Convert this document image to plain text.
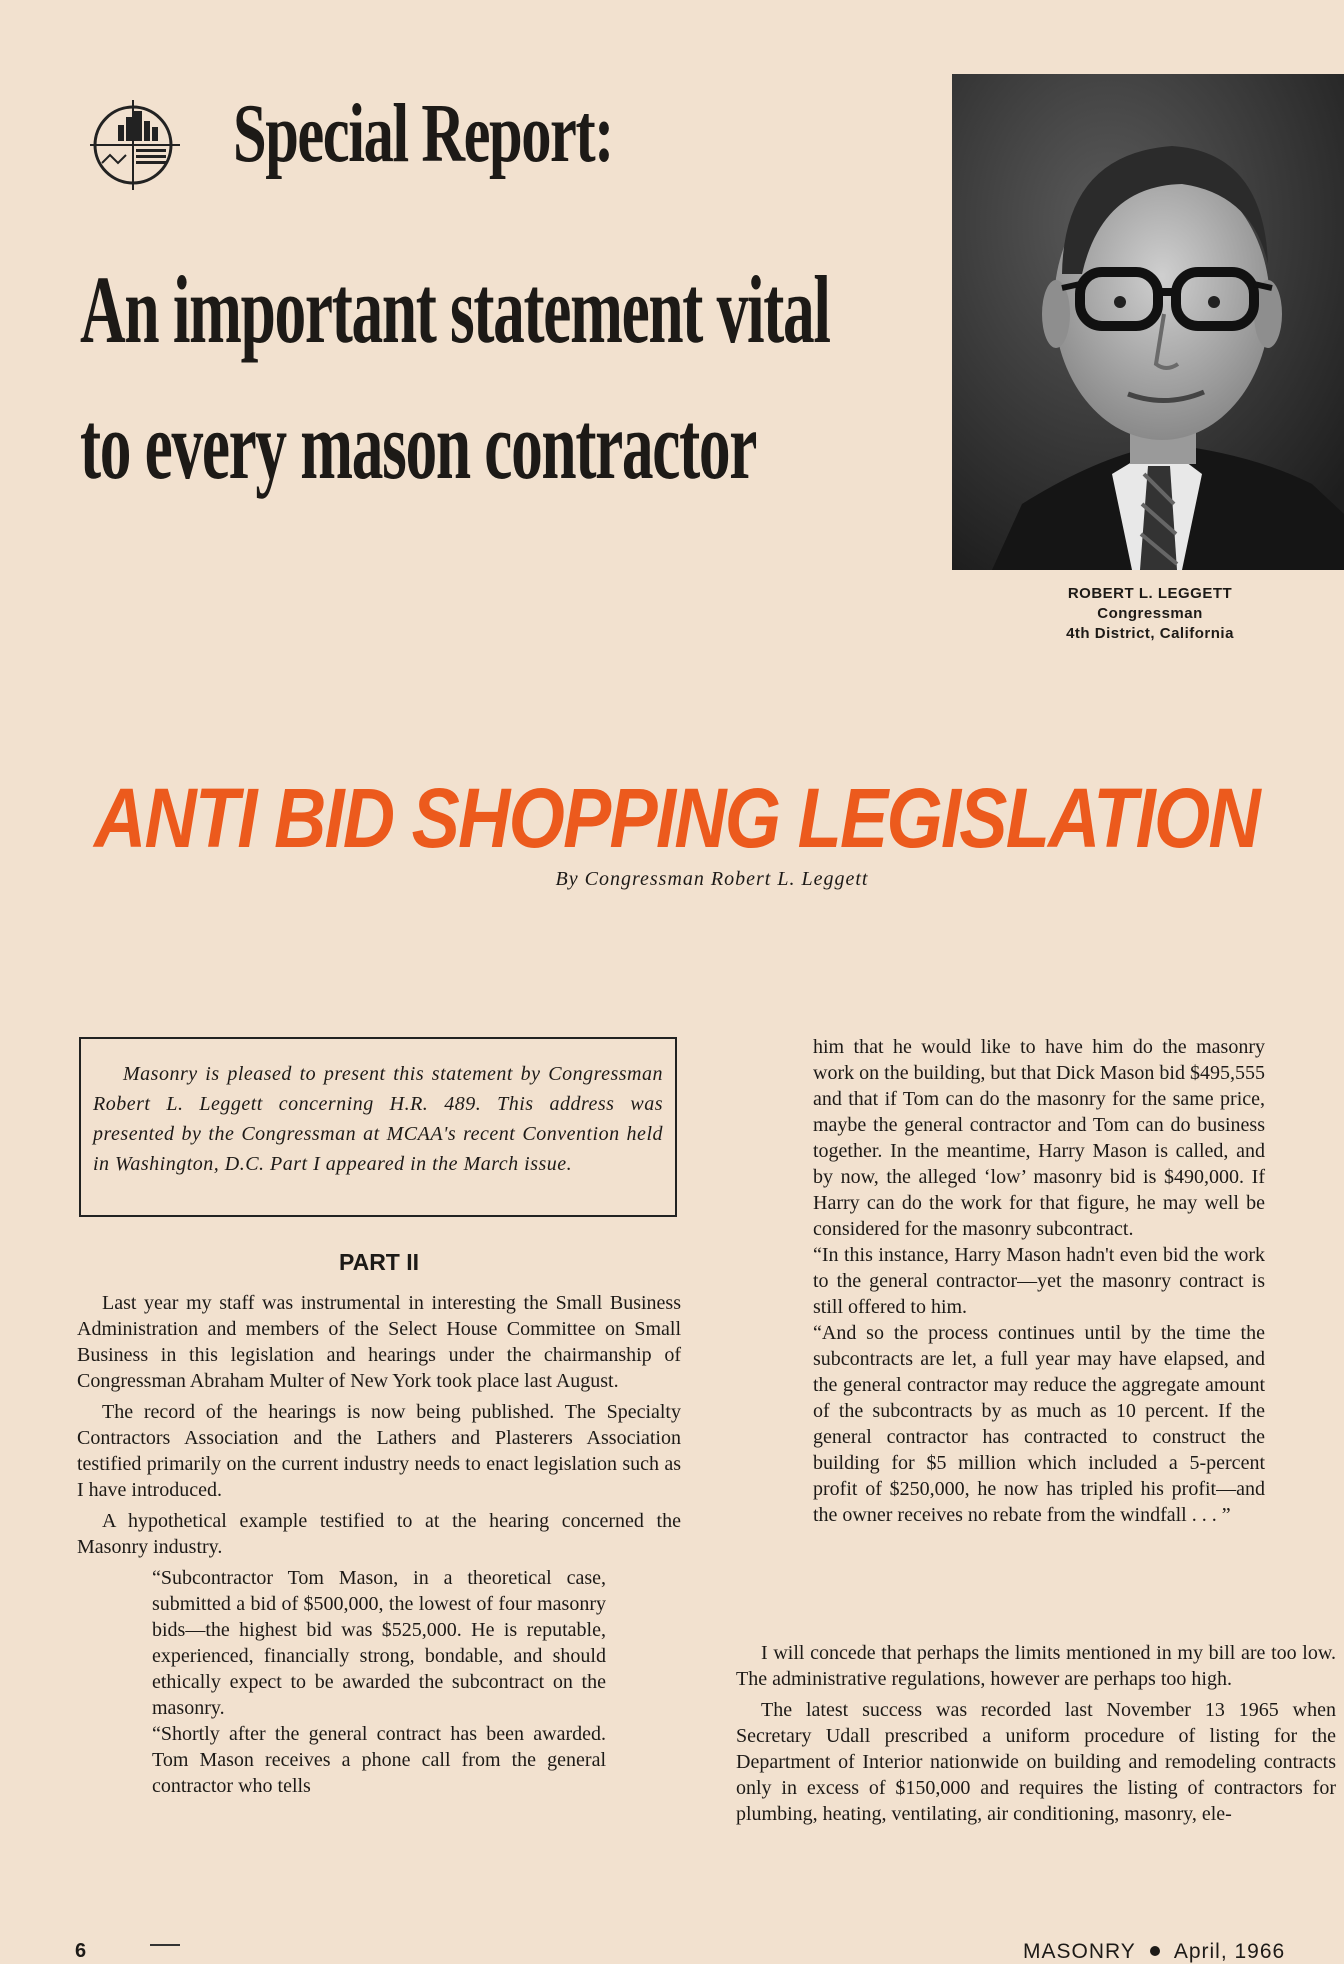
Special Report:
An important statement vital
to every mason contractor
ROBERT L. LEGGETT
Congressman
4th District, California
ANTI BID SHOPPING LEGISLATION
By Congressman Robert L. Leggett
Masonry is pleased to present this statement by Congressman Robert L. Leggett concerning H.R. 489. This address was presented by the Congressman at MCAA's recent Convention held in Washington, D.C. Part I appeared in the March issue.
PART II

Last year my staff was instrumental in interesting the Small Business Administration and members of the Select House Committee on Small Business in this legislation and hearings under the chairmanship of Congressman Abraham Multer of New York took place last August.

The record of the hearings is now being published. The Specialty Contractors Association and the Lathers and Plasterers Association testified primarily on the current industry needs to enact legislation such as I have introduced.

A hypothetical example testified to at the hearing concerned the Masonry industry.

“Subcontractor Tom Mason, in a theoretical case, submitted a bid of $500,000, the lowest of four masonry bids—the highest bid was $525,000. He is reputable, experienced, financially strong, bondable, and should ethically expect to be awarded the subcontract on the masonry.

“Shortly after the general contract has been awarded. Tom Mason receives a phone call from the general contractor who tells

him that he would like to have him do the masonry work on the building, but that Dick Mason bid $495,555 and that if Tom can do the masonry for the same price, maybe the general contractor and Tom can do business together. In the meantime, Harry Mason is called, and by now, the alleged ‘low’ masonry bid is $490,000. If Harry can do the work for that figure, he may well be considered for the masonry subcontract.

“In this instance, Harry Mason hadn't even bid the work to the general contractor—yet the masonry contract is still offered to him.

“And so the process continues until by the time the subcontracts are let, a full year may have elapsed, and the general contractor may reduce the aggregate amount of the subcontracts by as much as 10 percent. If the general contractor has contracted to construct the building for $5 million which included a 5-percent profit of $250,000, he now has tripled his profit—and the owner receives no rebate from the windfall . . . ”

I will concede that perhaps the limits mentioned in my bill are too low. The administrative regulations, however are perhaps too high.

The latest success was recorded last November 13 1965 when Secretary Udall prescribed a uniform procedure of listing for the Department of Interior nationwide on building and remodeling contracts only in excess of $150,000 and requires the listing of contractors for plumbing, heating, ventilating, air conditioning, masonry, ele-

6	MASONRY April, 1966
